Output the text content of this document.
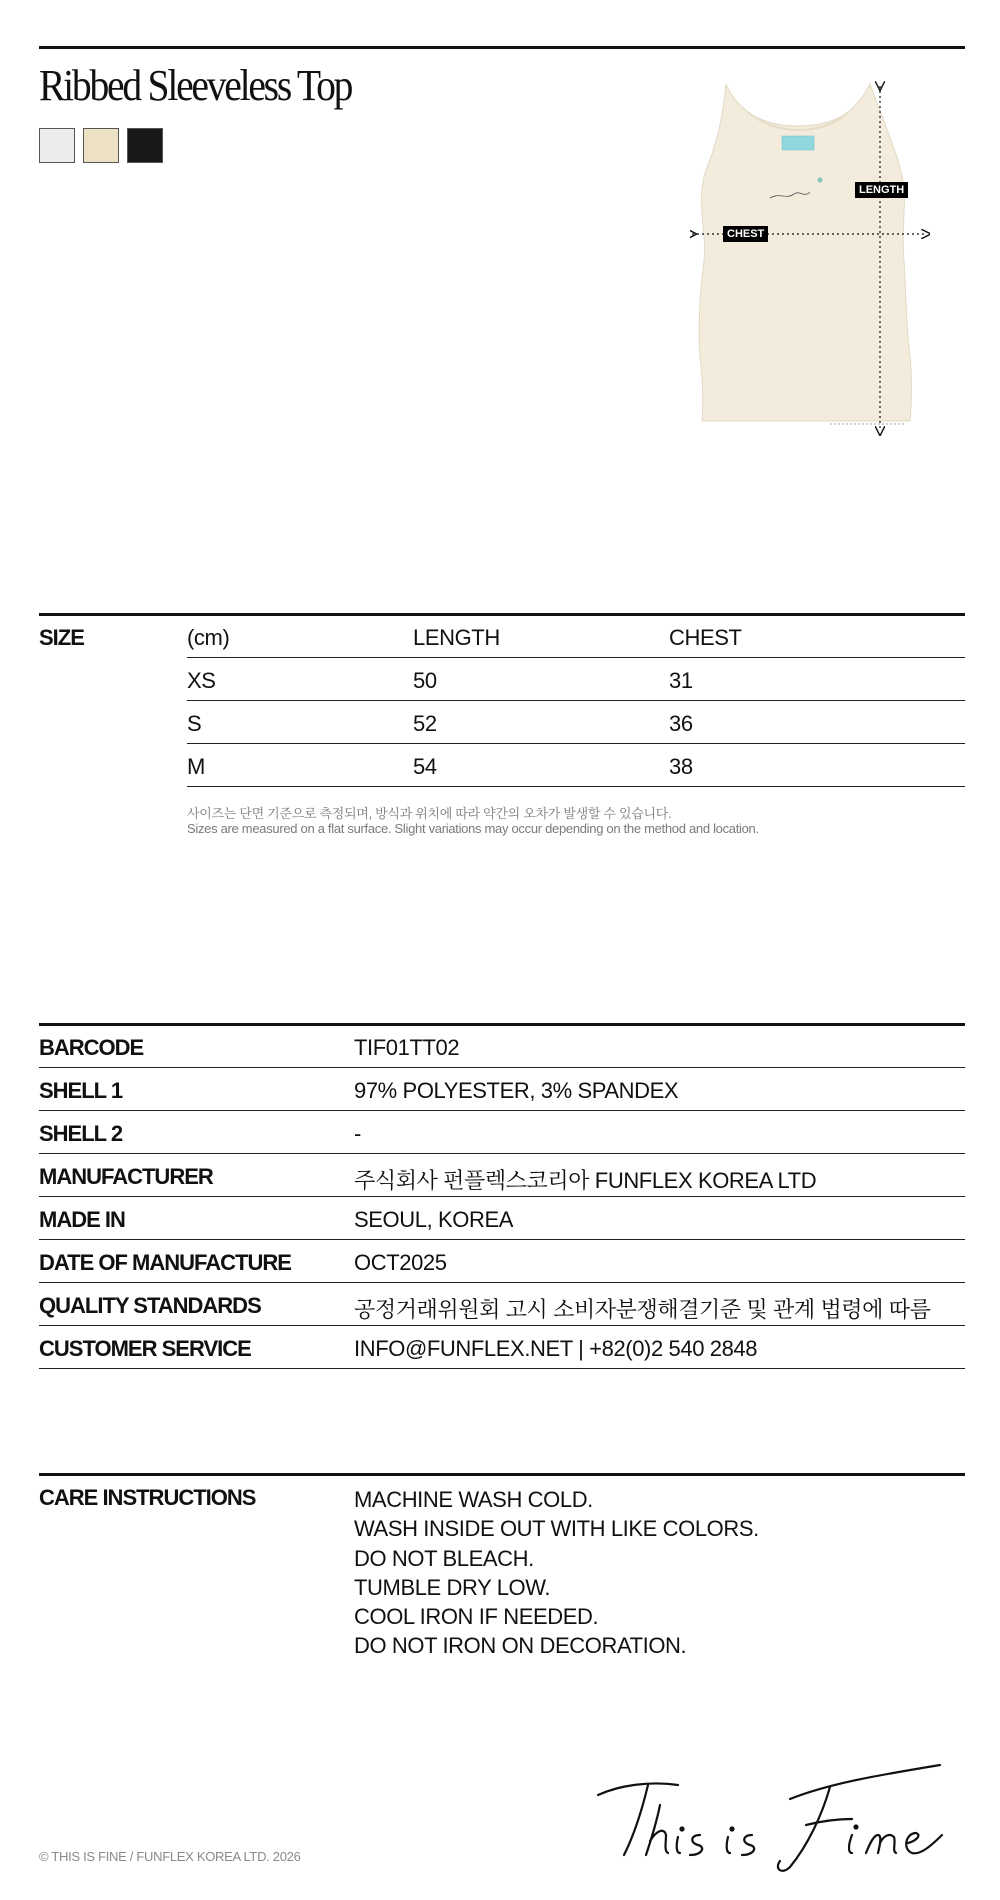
Ribbed Sleeveless Top
LENGTH
CHEST
SIZE	(cm)	LENGTH	CHEST
XS	50	31
S	52	36
M	54	38
사이즈는 단면 기준으로 측정되며, 방식과 위치에 따라 약간의 오차가 발생할 수 있습니다.
Sizes are measured on a flat surface. Slight variations may occur depending on the method and location.
BARCODE	TIF01TT02
SHELL 1	97% POLYESTER, 3% SPANDEX
SHELL 2	-
MANUFACTURER	주식회사 펀플렉스코리아 FUNFLEX KOREA LTD
MADE IN	SEOUL, KOREA
DATE OF MANUFACTURE	OCT2025
QUALITY STANDARDS	공정거래위원회 고시 소비자분쟁해결기준 및 관계 법령에 따름
CUSTOMER SERVICE	INFO@FUNFLEX.NET | +82(0)2 540 2848
CARE INSTRUCTIONS	MACHINE WASH COLD.
WASH INSIDE OUT WITH LIKE COLORS.
DO NOT BLEACH.
TUMBLE DRY LOW.
COOL IRON IF NEEDED.
DO NOT IRON ON DECORATION.
© THIS IS FINE / FUNFLEX KOREA LTD. 2026
